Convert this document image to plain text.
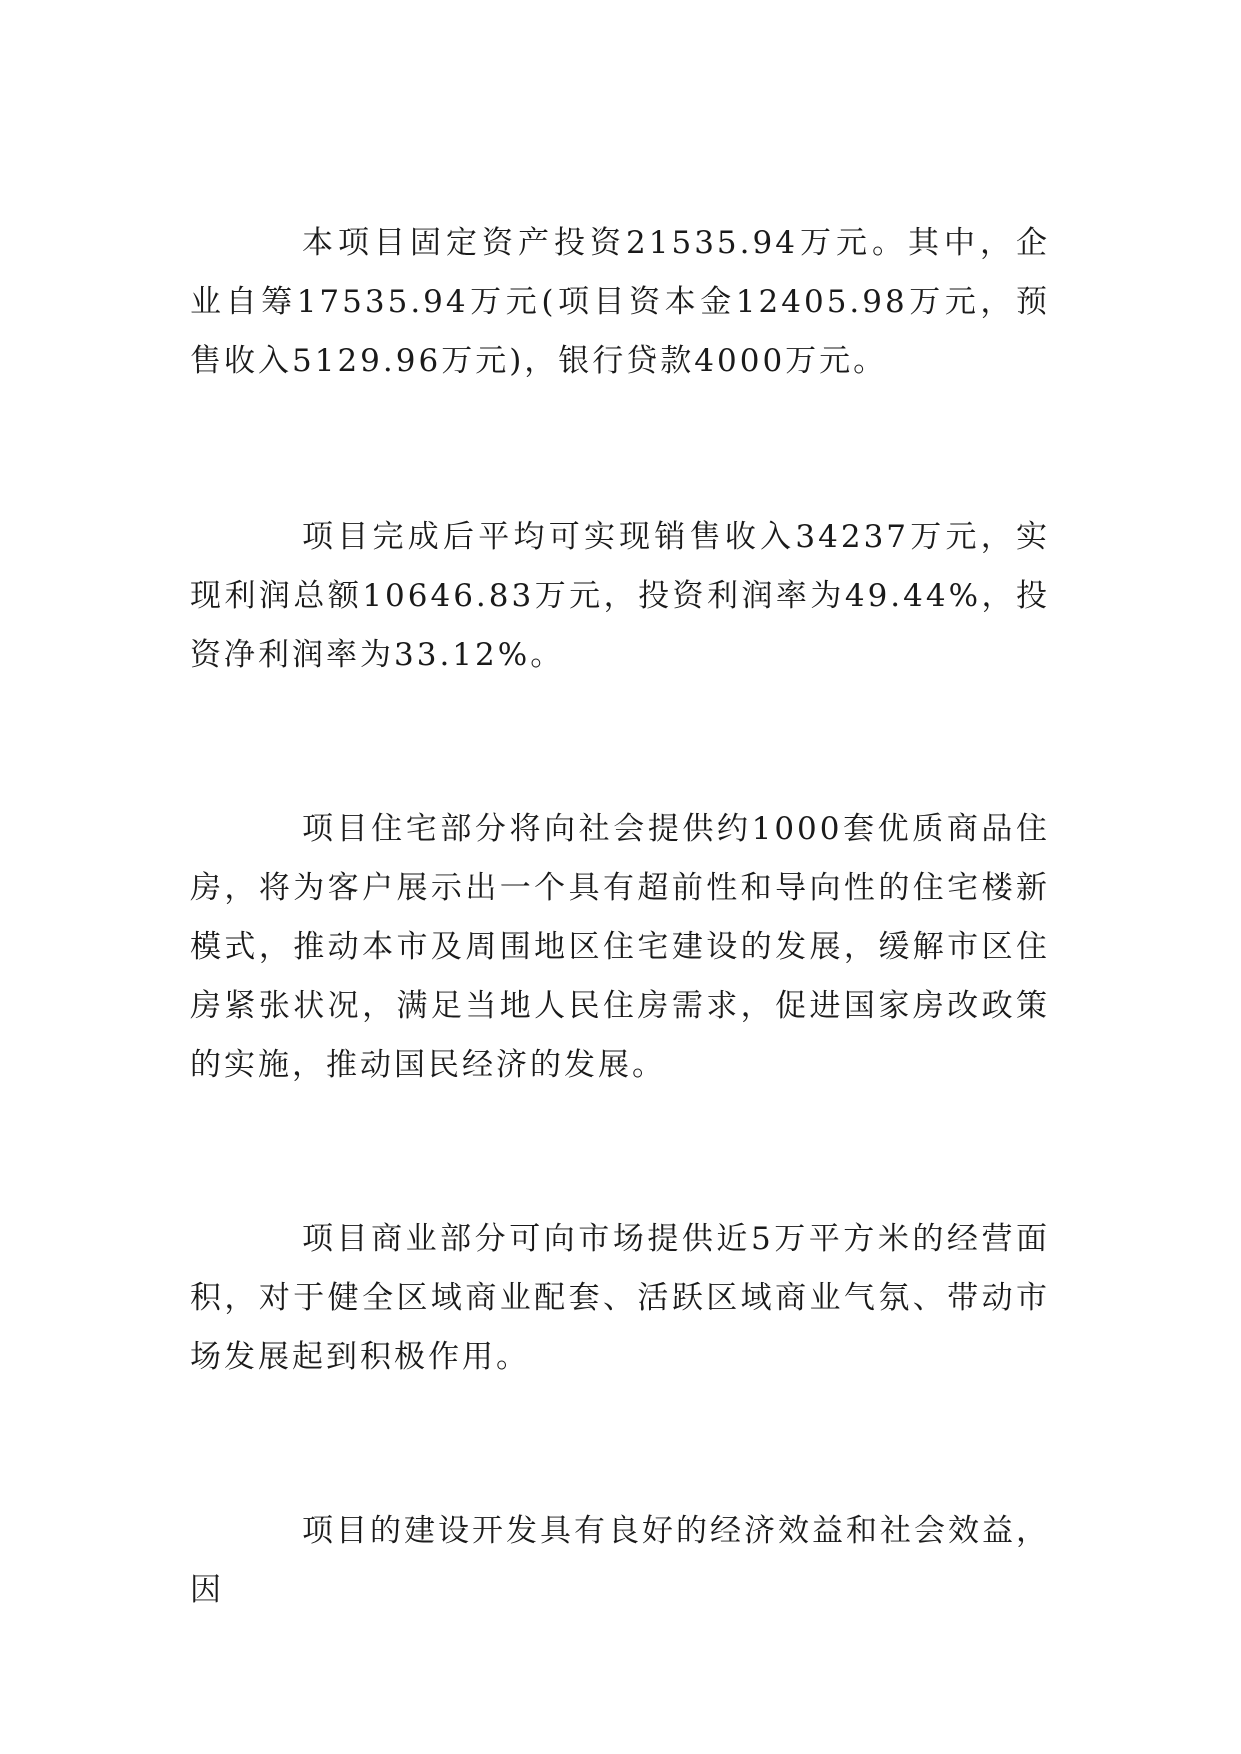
本项目固定资产投资21535.94万元。其中，企业自筹17535.94万元(项目资本金12405.98万元，预售收入5129.96万元)，银行贷款4000万元。

项目完成后平均可实现销售收入34237万元，实现利润总额10646.83万元，投资利润率为49.44%，投资净利润率为33.12%。

项目住宅部分将向社会提供约1000套优质商品住房，将为客户展示出一个具有超前性和导向性的住宅楼新模式，推动本市及周围地区住宅建设的发展，缓解市区住房紧张状况，满足当地人民住房需求，促进国家房改政策的实施，推动国民经济的发展。

项目商业部分可向市场提供近5万平方米的经营面积，对于健全区域商业配套、活跃区域商业气氛、带动市场发展起到积极作用。

项目的建设开发具有良好的经济效益和社会效益，因
